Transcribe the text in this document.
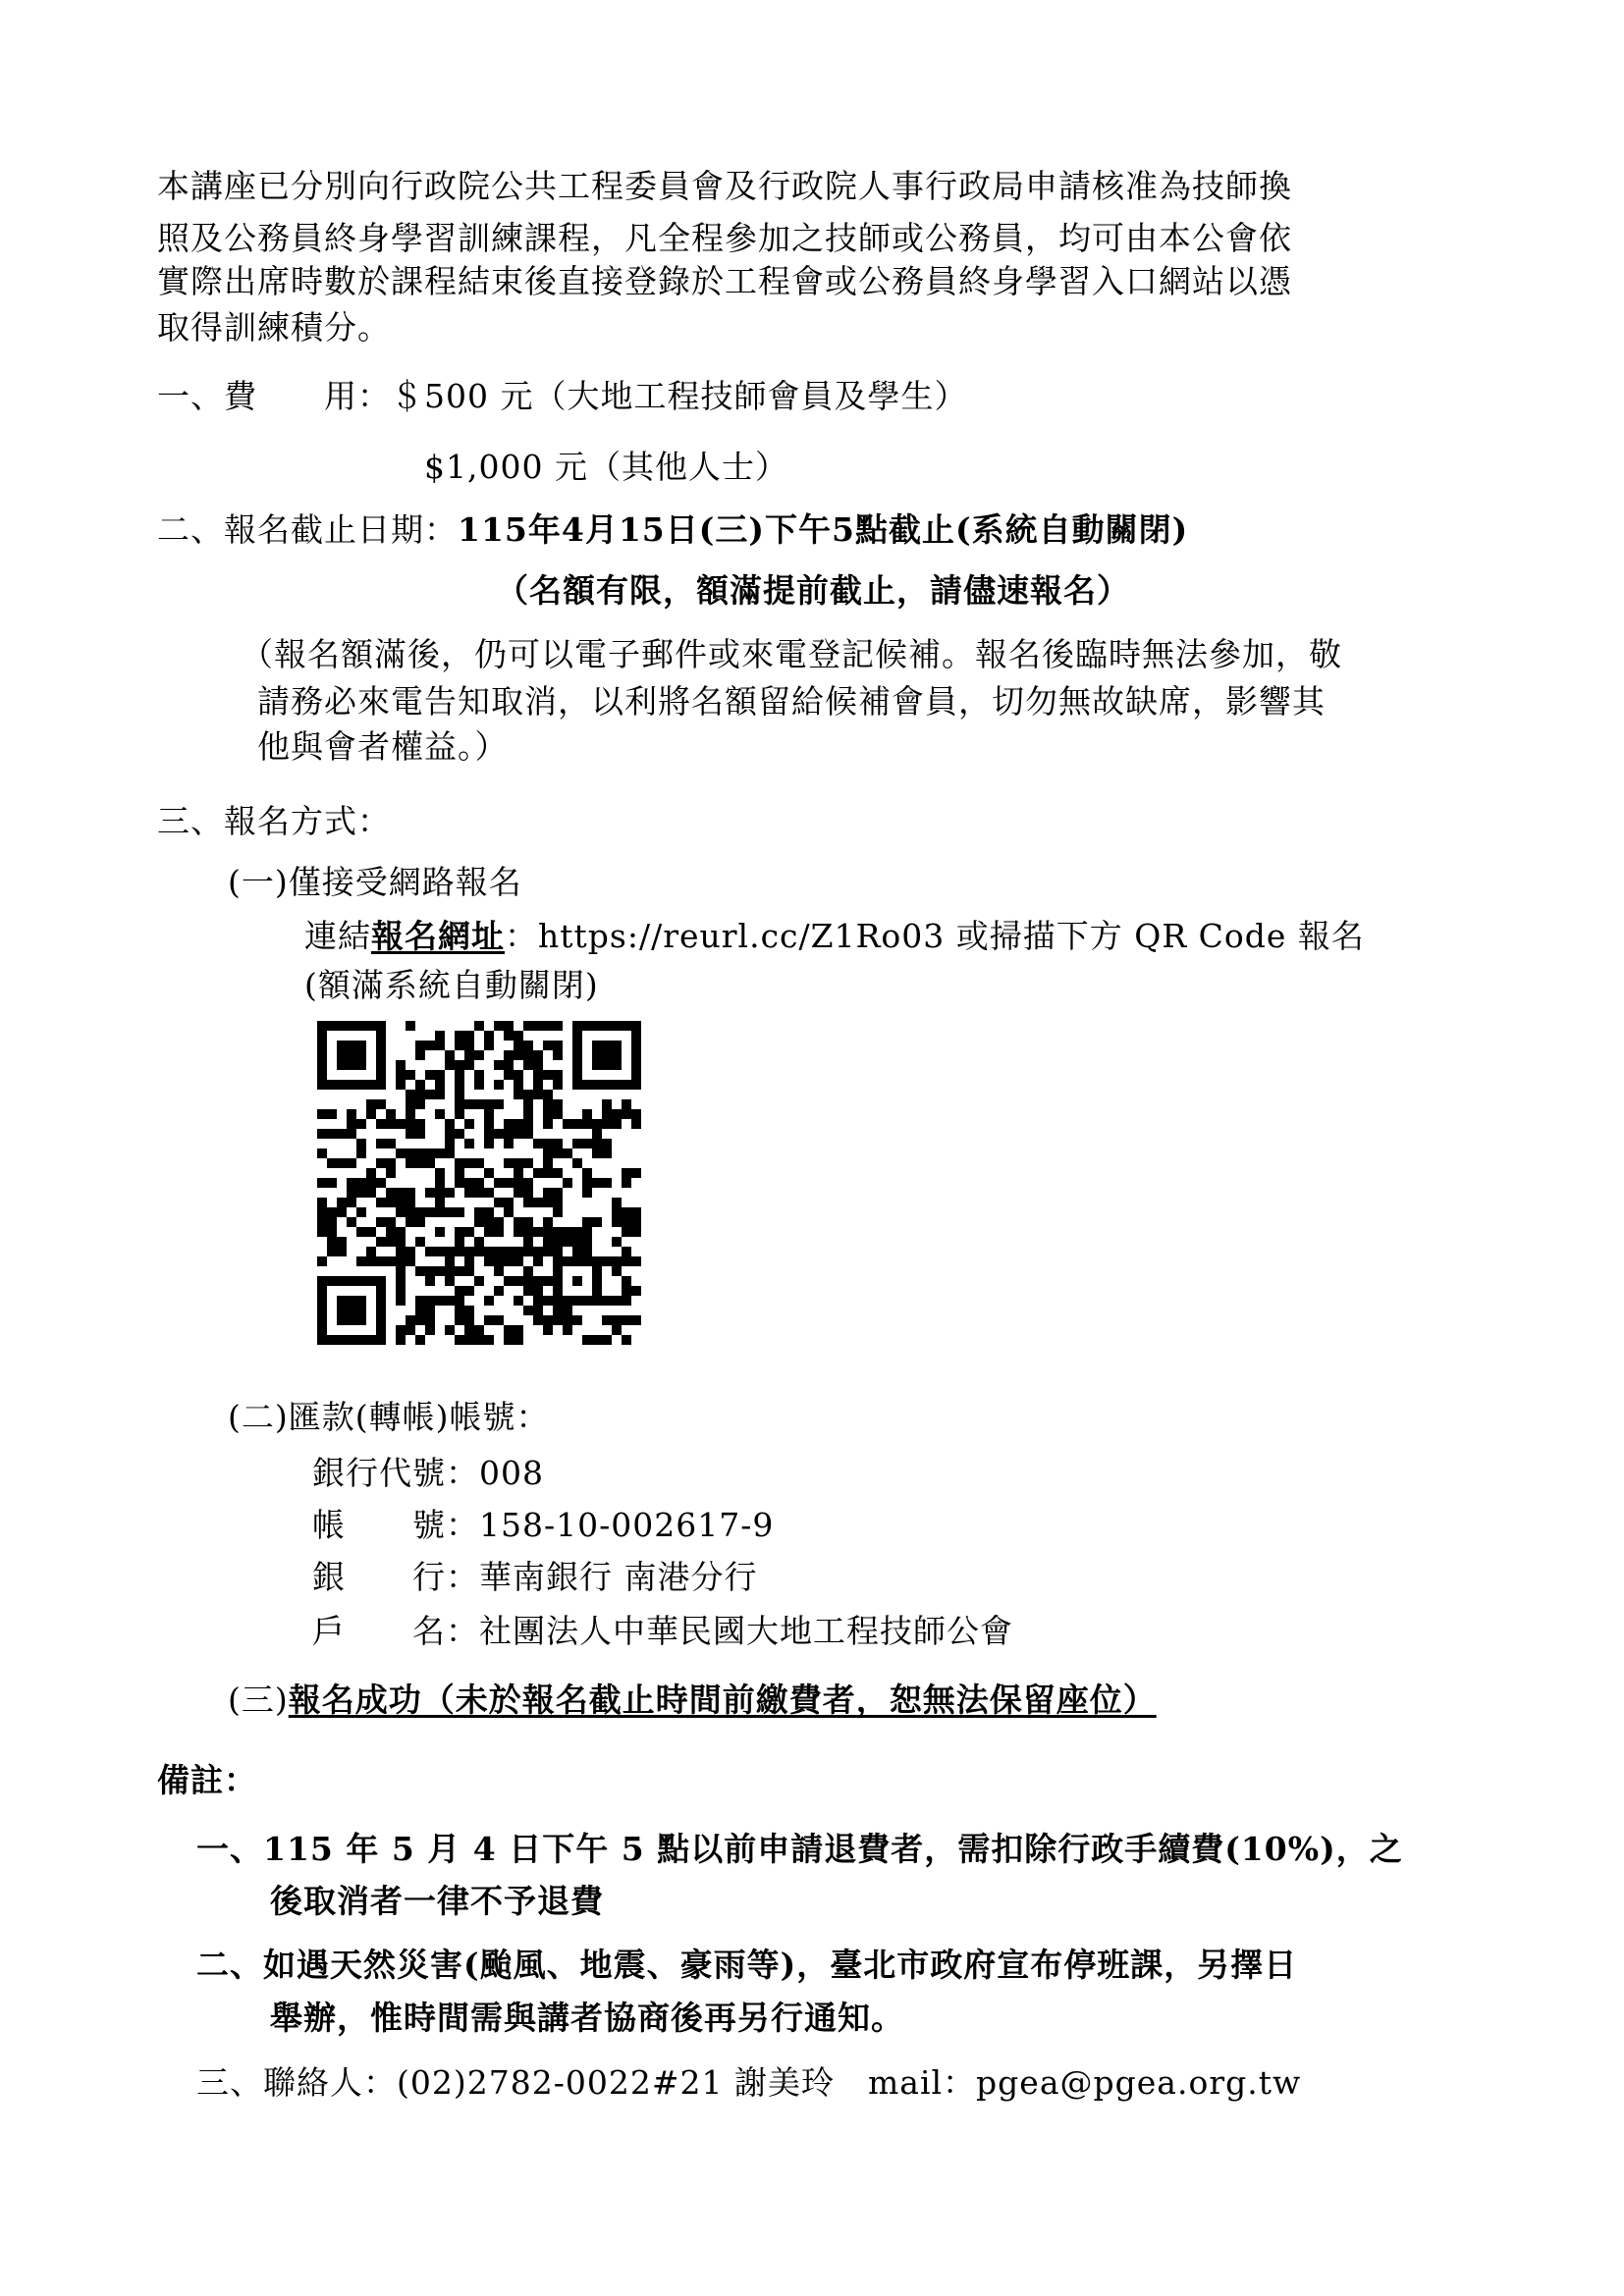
本講座已分別向行政院公共工程委員會及行政院人事行政局申請核准為技師換
照及公務員終身學習訓練課程，凡全程參加之技師或公務員，均可由本公會依
實際出席時數於課程結束後直接登錄於工程會或公務員終身學習入口網站以憑
取得訓練積分。
一、費　　用：＄500 元（大地工程技師會員及學生）
$1,000 元（其他人士）
二、報名截止日期：115年4月15日(三)下午5點截止(系統自動關閉)
（名額有限，額滿提前截止，請儘速報名）
（報名額滿後，仍可以電子郵件或來電登記候補。報名後臨時無法參加，敬
請務必來電告知取消，以利將名額留給候補會員，切勿無故缺席，影響其
他與會者權益。）
三、報名方式：
(一)僅接受網路報名
連結報名網址：https://reurl.cc/Z1Ro03 或掃描下方 QR Code 報名
(額滿系統自動關閉)
(二)匯款(轉帳)帳號：
銀行代號：008
帳　　號：158-10-002617-9
銀　　行：華南銀行 南港分行
戶　　名：社團法人中華民國大地工程技師公會
(三)報名成功（未於報名截止時間前繳費者，恕無法保留座位）
備註：
一、115 年 5 月 4 日下午 5 點以前申請退費者，需扣除行政手續費(10%)，之
後取消者一律不予退費
二、如遇天然災害(颱風、地震、豪雨等)，臺北市政府宣布停班課，另擇日
舉辦，惟時間需與講者協商後再另行通知。
三、聯絡人：(02)2782-0022#21 謝美玲　mail：pgea@pgea.org.tw
